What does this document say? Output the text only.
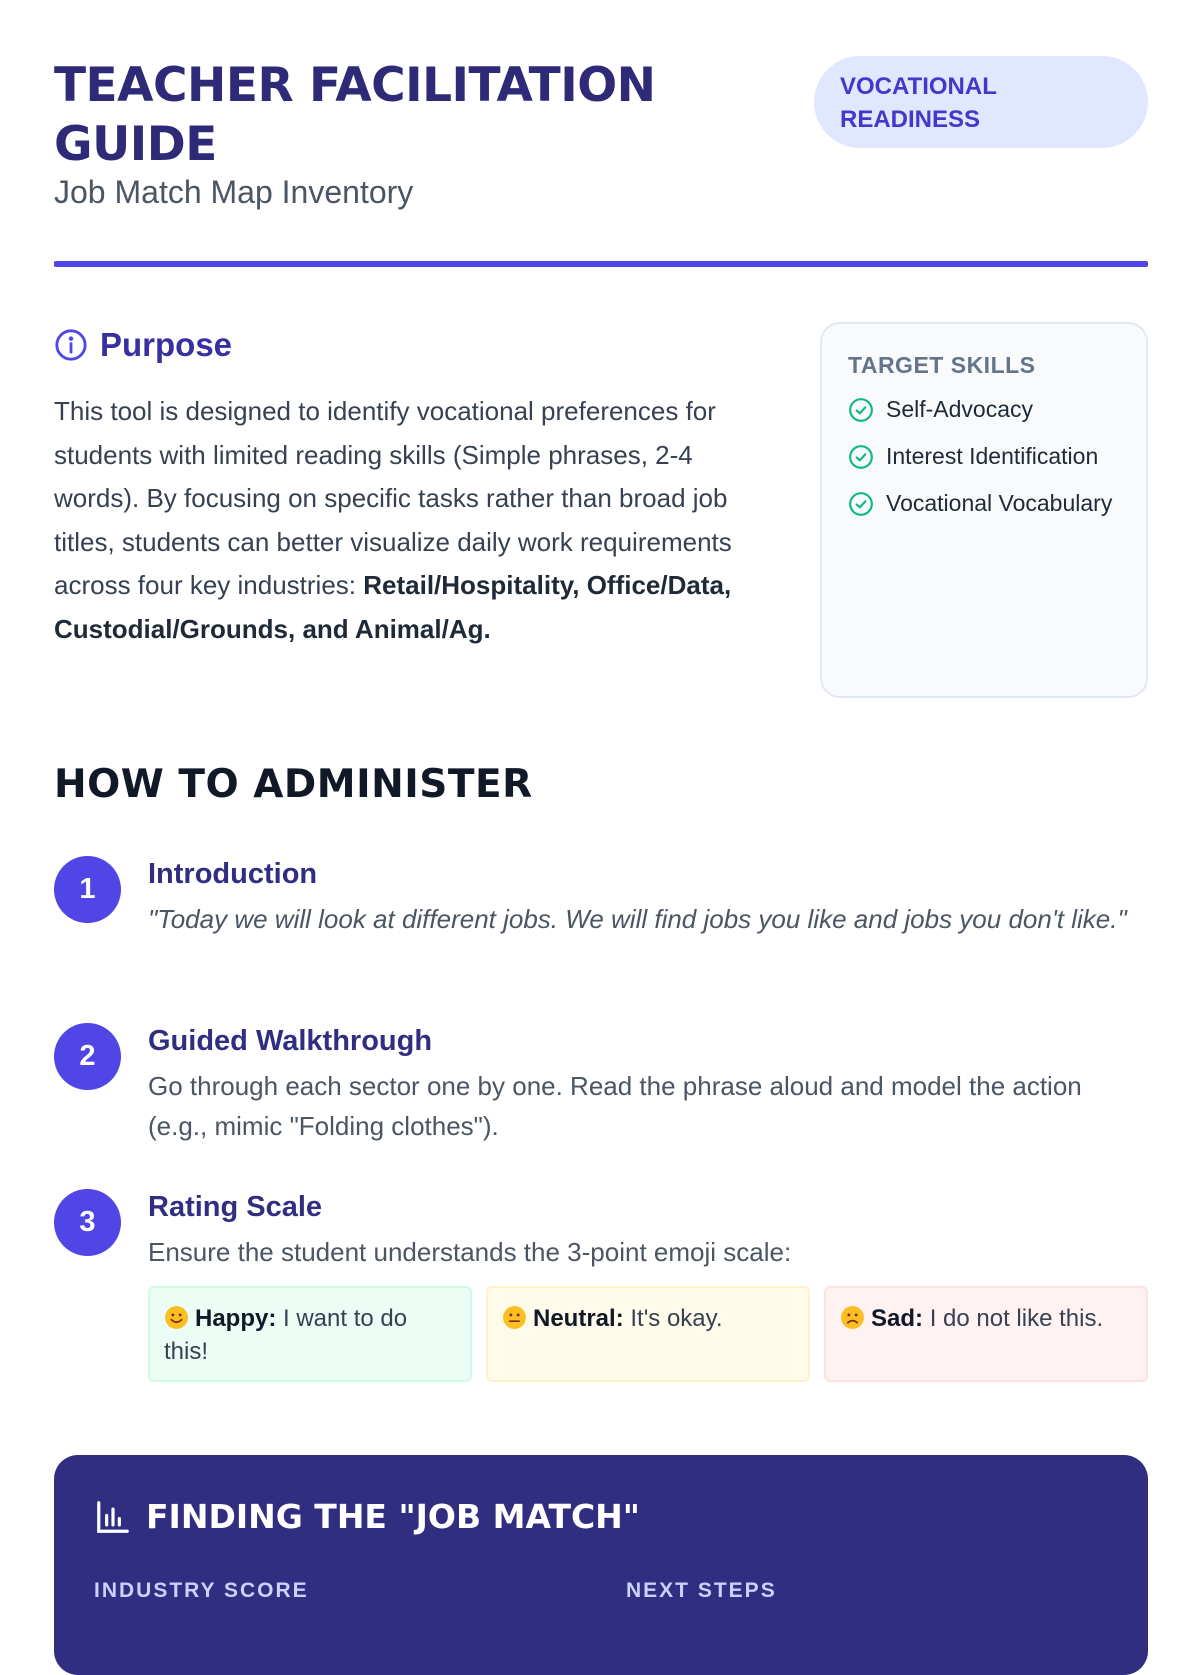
TEACHER FACILITATION GUIDE

Job Match Map Inventory

VOCATIONAL READINESS
Purpose
This tool is designed to identify vocational preferences for students with limited reading skills (Simple phrases, 2-4 words). By focusing on specific tasks rather than broad job titles, students can better visualize daily work requirements across four key industries: Retail/Hospitality, Office/Data, Custodial/Grounds, and Animal/Ag.
TARGET SKILLS
Self-Advocacy
Interest Identification
Vocational Vocabulary
HOW TO ADMINISTER
1	Introduction

"Today we will look at different jobs. We will find jobs you like and jobs you don't like."

2	Guided Walkthrough

Go through each sector one by one. Read the phrase aloud and model the action (e.g., mimic "Folding clothes").

3	Rating Scale

Ensure the student understands the 3-point emoji scale:

Happy: I want to do this!
Neutral: It's okay.	Sad: I do not like this.
FINDING THE "JOB MATCH"
INDUSTRY SCORE	NEXT STEPS
